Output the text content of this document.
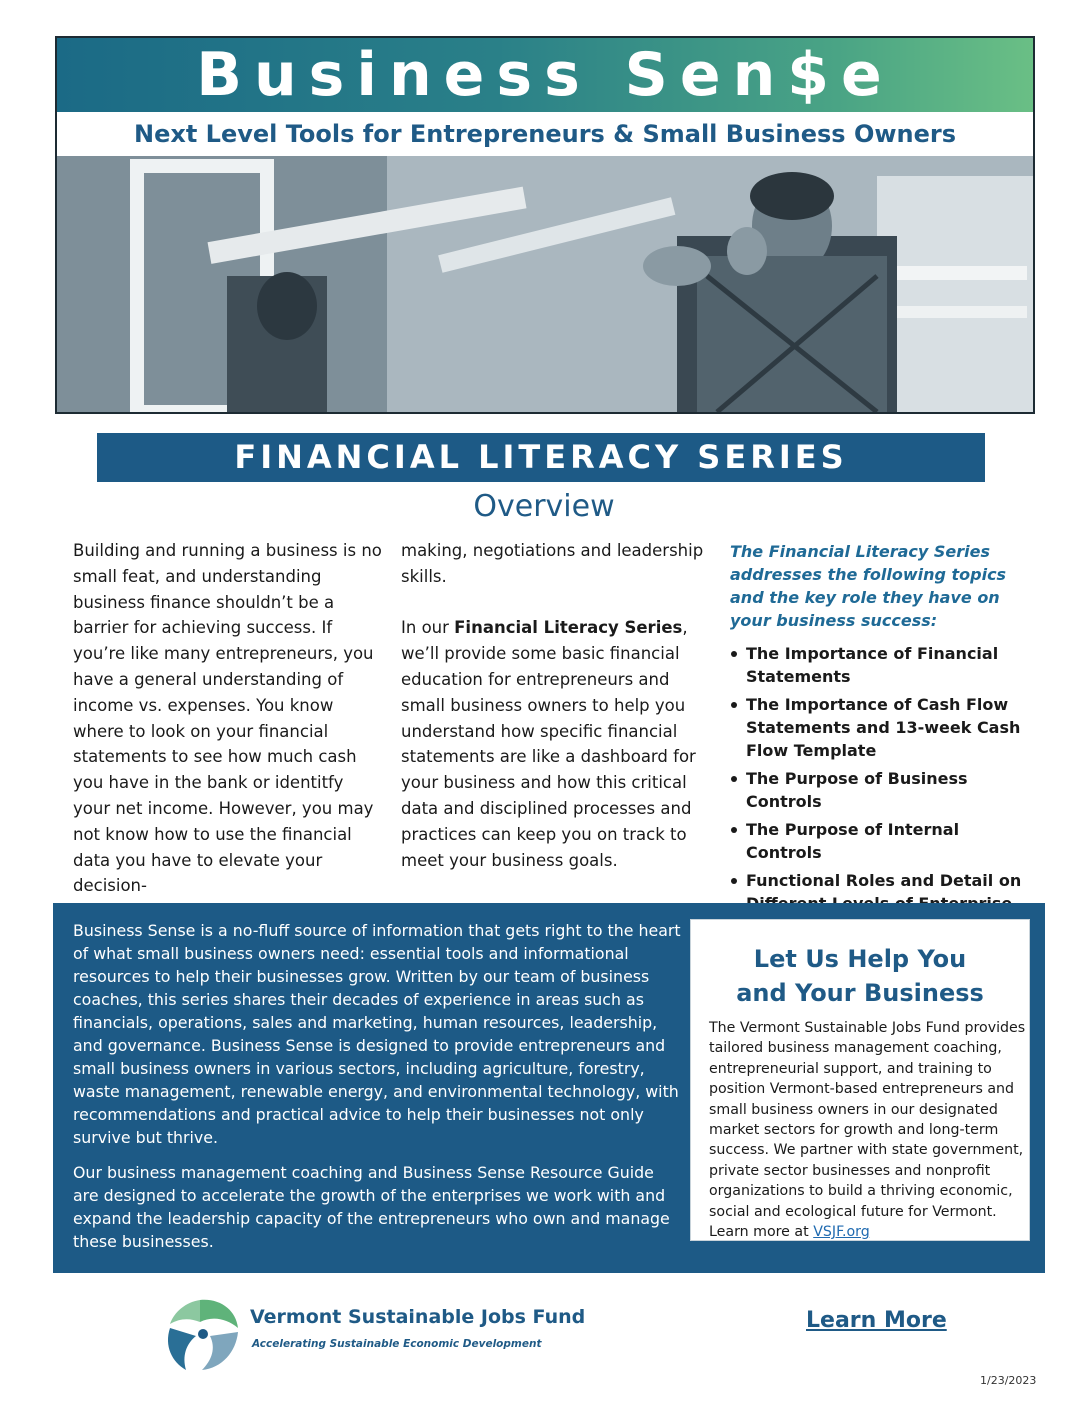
Business Sen$e
Next Level Tools for Entrepreneurs & Small Business Owners
FINANCIAL LITERACY SERIES
Overview

Building and running a business is no small feat, and understanding business finance shouldn’t be a barrier for achieving success. If you’re like many entrepreneurs, you have a general understanding of income vs. expenses. You know where to look on your financial statements to see how much cash you have in the bank or identitfy your net income. However, you may not know how to use the financial data you have to elevate your decision-

making, negotiations and leadership skills.

In our Financial Literacy Series, we’ll provide some basic financial education for entrepreneurs and small business owners to help you understand how specific financial statements are like a dashboard for your business and how this critical data and disciplined processes and practices can keep you on track to meet your business goals.

The Financial Literacy Series addresses the following topics and the key role they have on your business success:
The Importance of Financial Statements
The Importance of Cash Flow Statements and 13-week Cash Flow Template
The Purpose of Business Controls
The Purpose of Internal Controls
Functional Roles and Detail on

Business Sense is a no-fluff source of information that gets right to the heart of what small business owners need: essential tools and informational resources to help their businesses grow. Written by our team of business coaches, this series shares their decades of experience in areas such as financials, operations, sales and marketing, human resources, leadership, and governance. Business Sense is designed to provide entrepreneurs and small business owners in various sectors, including agriculture, forestry, waste management, renewable energy, and environmental technology, with recommendations and practical advice to help their businesses not only survive but thrive.

Our business management coaching and Business Sense Resource Guide are designed to accelerate the growth of the enterprises we work with and expand the leadership capacity of the entrepreneurs who own and manage these businesses.

Let Us Help You
and Your Business
The Vermont Sustainable Jobs Fund provides tailored business management coaching, entrepreneurial support, and training to position Vermont-based entrepreneurs and small business owners in our designated market sectors for growth and long-term success. We partner with state government, private sector businesses and nonprofit organizations to build a thriving economic, social and ecological future for Vermont. Learn more at VSJF.org
Vermont Sustainable Jobs Fund
Accelerating Sustainable Economic Development
Learn More
1/23/2023
